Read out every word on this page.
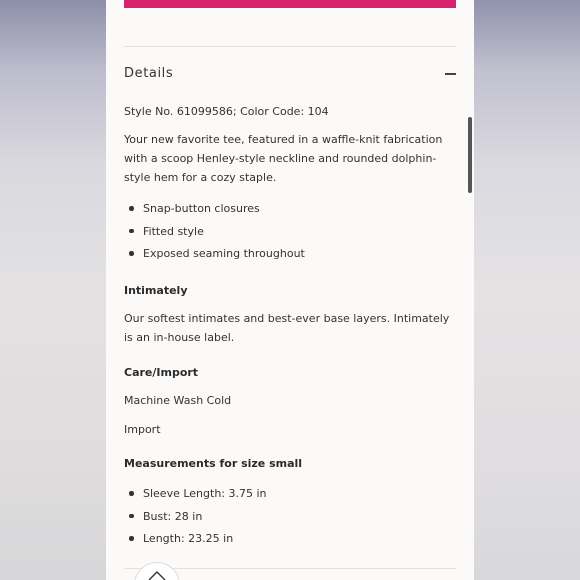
Details
Style No. 61099586; Color Code: 104
Your new favorite tee, featured in a waffle-knit fabrication with a scoop Henley-style neckline and rounded dolphin-style hem for a cozy staple.
Snap-button closures
Fitted style
Exposed seaming throughout
Intimately
Our softest intimates and best-ever base layers. Intimately is an in-house label.
Care/Import
Machine Wash Cold
Import
Measurements for size small
Sleeve Length: 3.75 in
Bust: 28 in
Length: 23.25 in
